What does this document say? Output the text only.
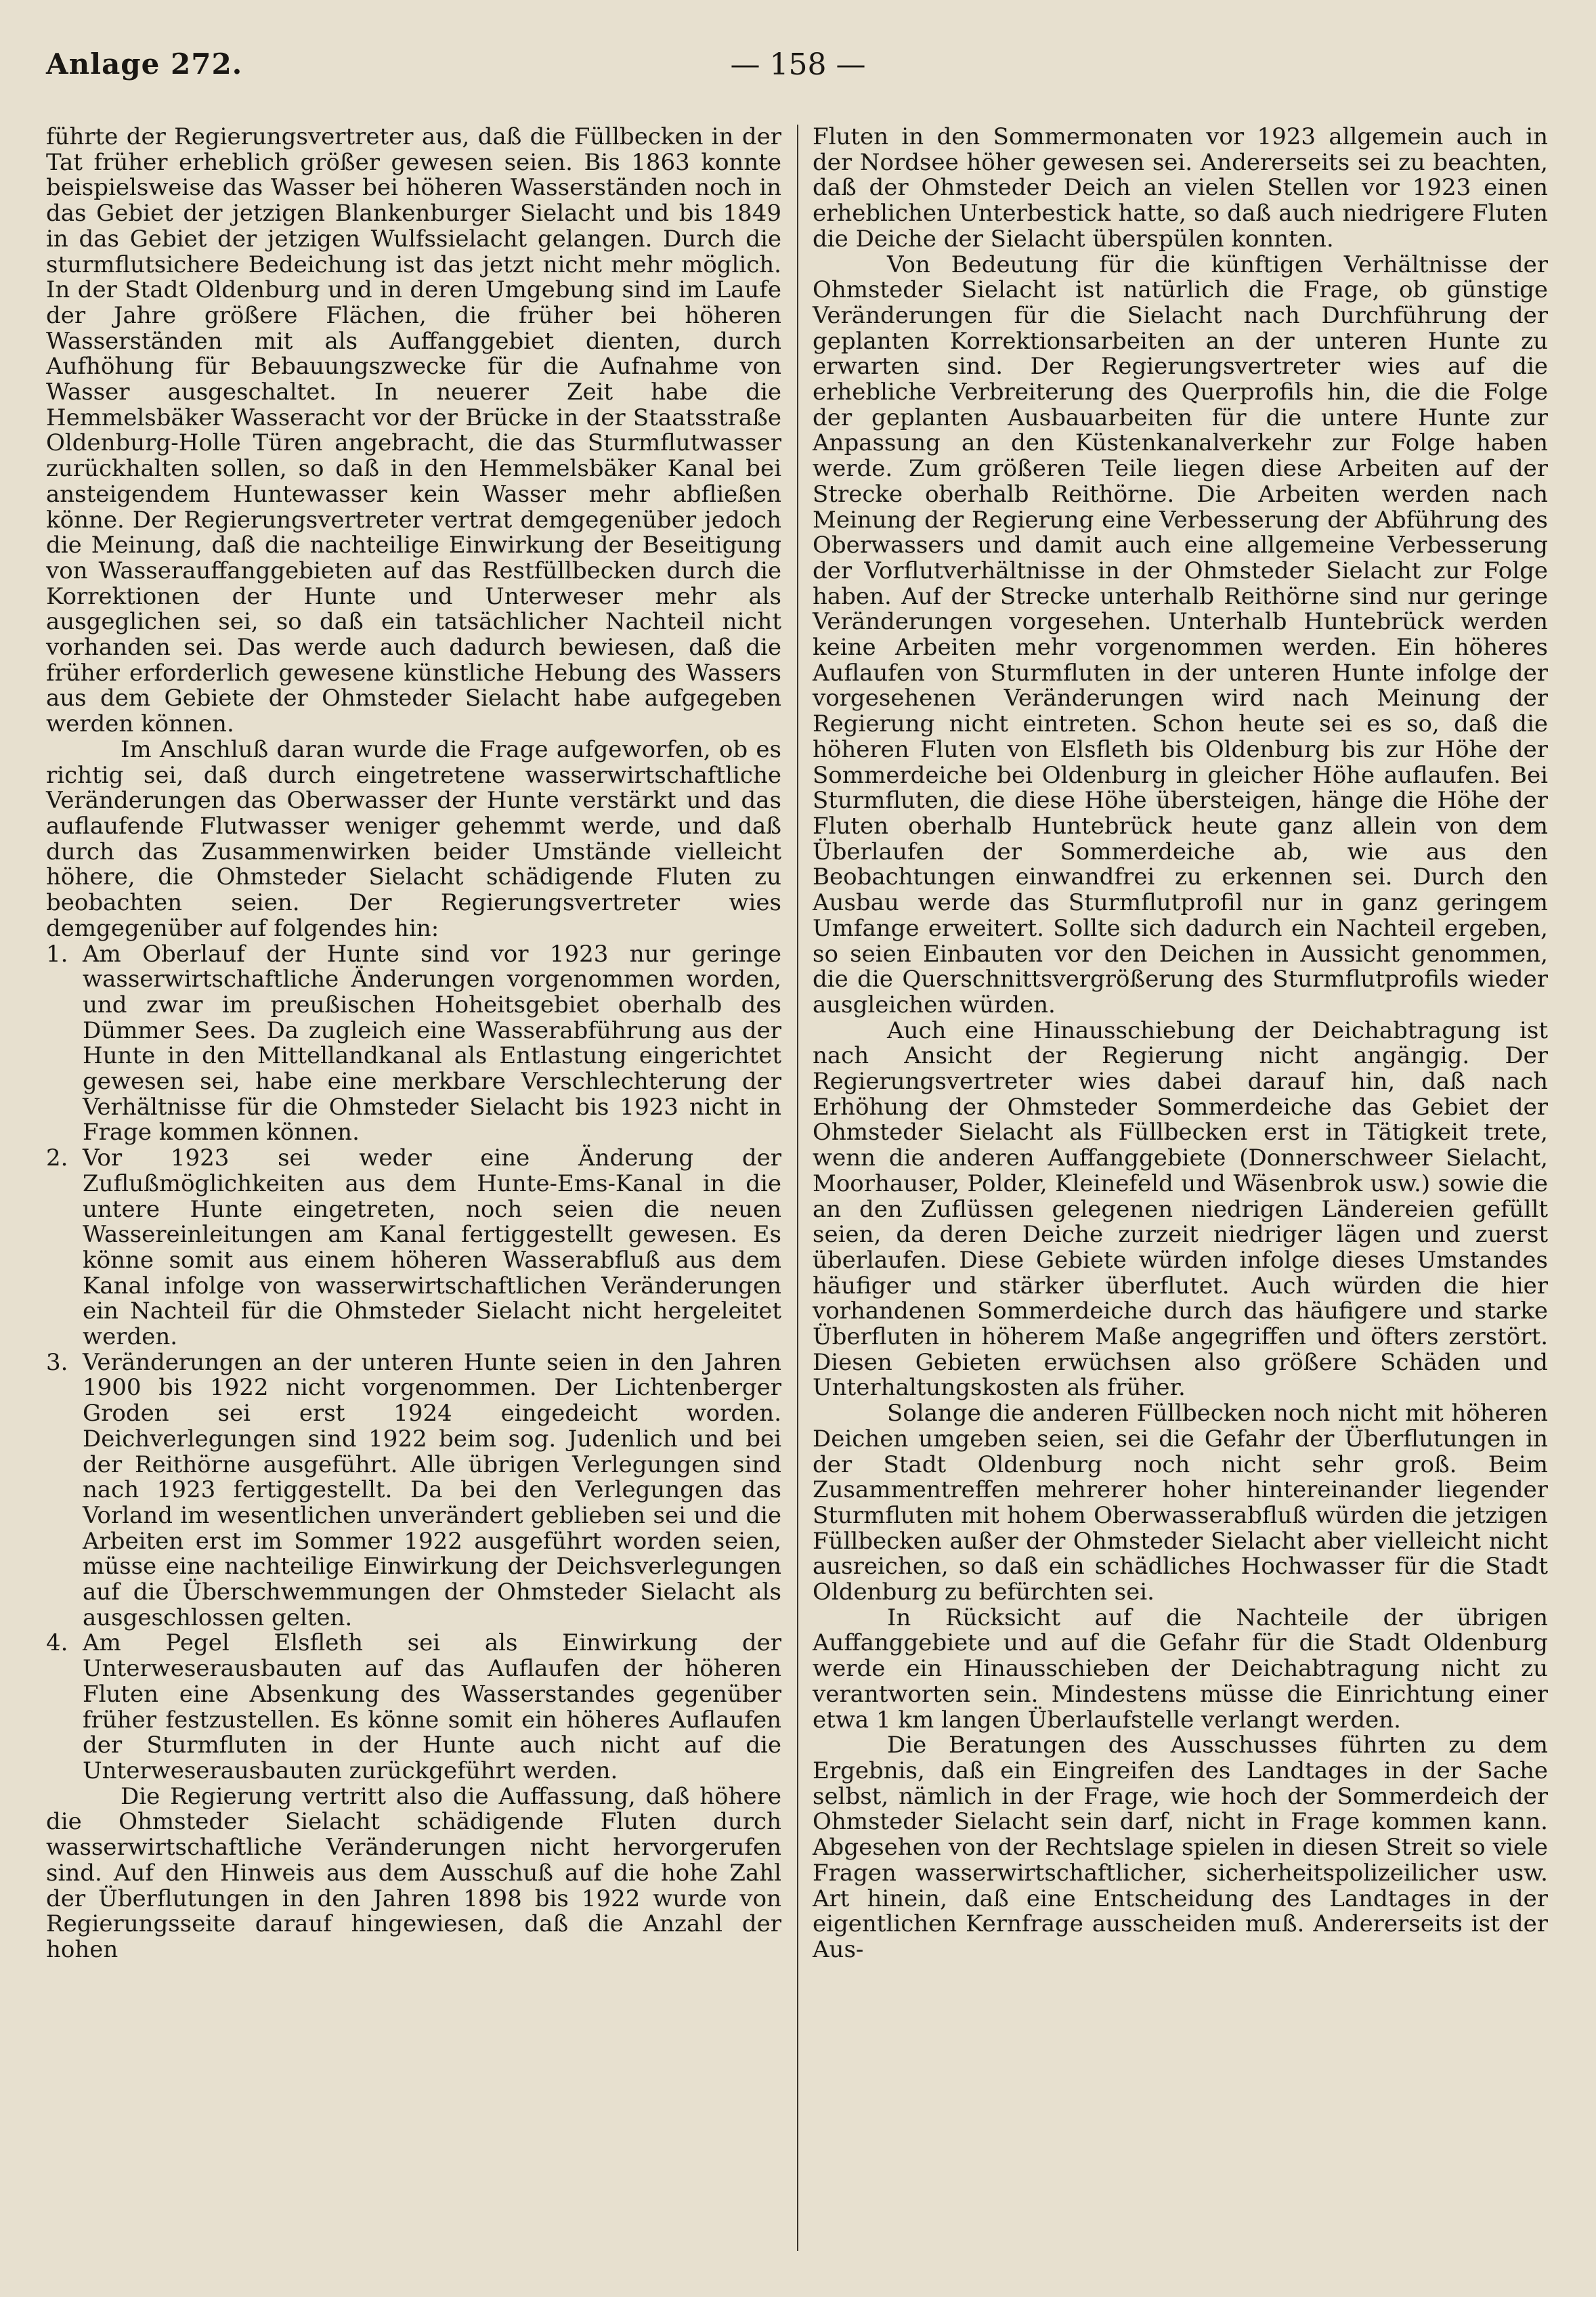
Anlage 272.	— 158 —

führte der Regierungsvertreter aus, daß die Füllbecken in der Tat früher erheblich größer gewesen seien. Bis 1863 konnte beispielsweise das Wasser bei höheren Wasserständen noch in das Gebiet der jetzigen Blankenburger Sielacht und bis 1849 in das Gebiet der jetzigen Wulfssielacht gelangen. Durch die sturmflutsichere Bedeichung ist das jetzt nicht mehr möglich. In der Stadt Oldenburg und in deren Umgebung sind im Laufe der Jahre größere Flächen, die früher bei höheren Wasserständen mit als Auffanggebiet dienten, durch Aufhöhung für Bebauungszwecke für die Aufnahme von Wasser ausgeschaltet. In neuerer Zeit habe die Hemmelsbäker Wasseracht vor der Brücke in der Staatsstraße Oldenburg-Holle Türen angebracht, die das Sturmflutwasser zurückhalten sollen, so daß in den Hemmelsbäker Kanal bei ansteigendem Huntewasser kein Wasser mehr abfließen könne. Der Regierungsvertreter vertrat demgegenüber jedoch die Meinung, daß die nachteilige Einwirkung der Beseitigung von Wasserauffanggebieten auf das Restfüllbecken durch die Korrektionen der Hunte und Unterweser mehr als ausgeglichen sei, so daß ein tatsächlicher Nachteil nicht vorhanden sei. Das werde auch dadurch bewiesen, daß die früher erforderlich gewesene künstliche Hebung des Wassers aus dem Gebiete der Ohmsteder Sielacht habe aufgegeben werden können.

Im Anschluß daran wurde die Frage aufgeworfen, ob es richtig sei, daß durch eingetretene wasserwirtschaftliche Veränderungen das Oberwasser der Hunte verstärkt und das auflaufende Flutwasser weniger gehemmt werde, und daß durch das Zusammenwirken beider Umstände vielleicht höhere, die Ohmsteder Sielacht schädigende Fluten zu beobachten seien. Der Regierungsvertreter wies demgegenüber auf folgendes hin:

1. Am Oberlauf der Hunte sind vor 1923 nur geringe wasserwirtschaftliche Änderungen vorgenommen worden, und zwar im preußischen Hoheitsgebiet oberhalb des Dümmer Sees. Da zugleich eine Wasserabführung aus der Hunte in den Mittellandkanal als Entlastung eingerichtet gewesen sei, habe eine merkbare Verschlechterung der Verhältnisse für die Ohmsteder Sielacht bis 1923 nicht in Frage kommen können.
2. Vor 1923 sei weder eine Änderung der Zuflußmöglichkeiten aus dem Hunte-Ems-Kanal in die untere Hunte eingetreten, noch seien die neuen Wassereinleitungen am Kanal fertiggestellt gewesen. Es könne somit aus einem höheren Wasserabfluß aus dem Kanal infolge von wasserwirtschaftlichen Veränderungen ein Nachteil für die Ohmsteder Sielacht nicht hergeleitet werden.
3. Veränderungen an der unteren Hunte seien in den Jahren 1900 bis 1922 nicht vorgenommen. Der Lichtenberger Groden sei erst 1924 eingedeicht worden. Deichverlegungen sind 1922 beim sog. Judenlich und bei der Reithörne ausgeführt. Alle übrigen Verlegungen sind nach 1923 fertiggestellt. Da bei den Verlegungen das Vorland im wesentlichen unverändert geblieben sei und die Arbeiten erst im Sommer 1922 ausgeführt worden seien, müsse eine nachteilige Einwirkung der Deichsverlegungen auf die Überschwemmungen der Ohmsteder Sielacht als ausgeschlossen gelten.
4. Am Pegel Elsfleth sei als Einwirkung der Unterweserausbauten auf das Auflaufen der höheren Fluten eine Absenkung des Wasserstandes gegenüber früher festzustellen. Es könne somit ein höheres Auflaufen der Sturmfluten in der Hunte auch nicht auf die Unterweserausbauten zurückgeführt werden.

Die Regierung vertritt also die Auffassung, daß höhere die Ohmsteder Sielacht schädigende Fluten durch wasserwirtschaftliche Veränderungen nicht hervorgerufen sind. Auf den Hinweis aus dem Ausschuß auf die hohe Zahl der Überflutungen in den Jahren 1898 bis 1922 wurde von Regierungsseite darauf hingewiesen, daß die Anzahl der hohen

Fluten in den Sommermonaten vor 1923 allgemein auch in der Nordsee höher gewesen sei. Andererseits sei zu beachten, daß der Ohmsteder Deich an vielen Stellen vor 1923 einen erheblichen Unterbestick hatte, so daß auch niedrigere Fluten die Deiche der Sielacht überspülen konnten.

Von Bedeutung für die künftigen Verhältnisse der Ohmsteder Sielacht ist natürlich die Frage, ob günstige Veränderungen für die Sielacht nach Durchführung der geplanten Korrektionsarbeiten an der unteren Hunte zu erwarten sind. Der Regierungsvertreter wies auf die erhebliche Verbreiterung des Querprofils hin, die die Folge der geplanten Ausbauarbeiten für die untere Hunte zur Anpassung an den Küstenkanalverkehr zur Folge haben werde. Zum größeren Teile liegen diese Arbeiten auf der Strecke oberhalb Reithörne. Die Arbeiten werden nach Meinung der Regierung eine Verbesserung der Abführung des Oberwassers und damit auch eine allgemeine Verbesserung der Vorflutverhältnisse in der Ohmsteder Sielacht zur Folge haben. Auf der Strecke unterhalb Reithörne sind nur geringe Veränderungen vorgesehen. Unterhalb Huntebrück werden keine Arbeiten mehr vorgenommen werden. Ein höheres Auflaufen von Sturmfluten in der unteren Hunte infolge der vorgesehenen Veränderungen wird nach Meinung der Regierung nicht eintreten. Schon heute sei es so, daß die höheren Fluten von Elsfleth bis Oldenburg bis zur Höhe der Sommerdeiche bei Oldenburg in gleicher Höhe auflaufen. Bei Sturmfluten, die diese Höhe übersteigen, hänge die Höhe der Fluten oberhalb Huntebrück heute ganz allein von dem Überlaufen der Sommerdeiche ab, wie aus den Beobachtungen einwandfrei zu erkennen sei. Durch den Ausbau werde das Sturmflutprofil nur in ganz geringem Umfange erweitert. Sollte sich dadurch ein Nachteil ergeben, so seien Einbauten vor den Deichen in Aussicht genommen, die die Querschnittsvergrößerung des Sturmflutprofils wieder ausgleichen würden.

Auch eine Hinausschiebung der Deichabtragung ist nach Ansicht der Regierung nicht angängig. Der Regierungsvertreter wies dabei darauf hin, daß nach Erhöhung der Ohmsteder Sommerdeiche das Gebiet der Ohmsteder Sielacht als Füllbecken erst in Tätigkeit trete, wenn die anderen Auffanggebiete (Donnerschweer Sielacht, Moorhauser, Polder, Kleinefeld und Wäsenbrok usw.) sowie die an den Zuflüssen gelegenen niedrigen Ländereien gefüllt seien, da deren Deiche zurzeit niedriger lägen und zuerst überlaufen. Diese Gebiete würden infolge dieses Umstandes häufiger und stärker überflutet. Auch würden die hier vorhandenen Sommerdeiche durch das häufigere und starke Überfluten in höherem Maße angegriffen und öfters zerstört. Diesen Gebieten erwüchsen also größere Schäden und Unterhaltungskosten als früher.

Solange die anderen Füllbecken noch nicht mit höheren Deichen umgeben seien, sei die Gefahr der Überflutungen in der Stadt Oldenburg noch nicht sehr groß. Beim Zusammentreffen mehrerer hoher hintereinander liegender Sturmfluten mit hohem Oberwasserabfluß würden die jetzigen Füllbecken außer der Ohmsteder Sielacht aber vielleicht nicht ausreichen, so daß ein schädliches Hochwasser für die Stadt Oldenburg zu befürchten sei.

In Rücksicht auf die Nachteile der übrigen Auffanggebiete und auf die Gefahr für die Stadt Oldenburg werde ein Hinausschieben der Deichabtragung nicht zu verantworten sein. Mindestens müsse die Einrichtung einer etwa 1 km langen Überlaufstelle verlangt werden.

Die Beratungen des Ausschusses führten zu dem Ergebnis, daß ein Eingreifen des Landtages in der Sache selbst, nämlich in der Frage, wie hoch der Sommerdeich der Ohmsteder Sielacht sein darf, nicht in Frage kommen kann. Abgesehen von der Rechtslage spielen in diesen Streit so viele Fragen wasserwirtschaftlicher, sicherheitspolizeilicher usw. Art hinein, daß eine Entscheidung des Landtages in der eigentlichen Kernfrage ausscheiden muß. Andererseits ist der Aus-
